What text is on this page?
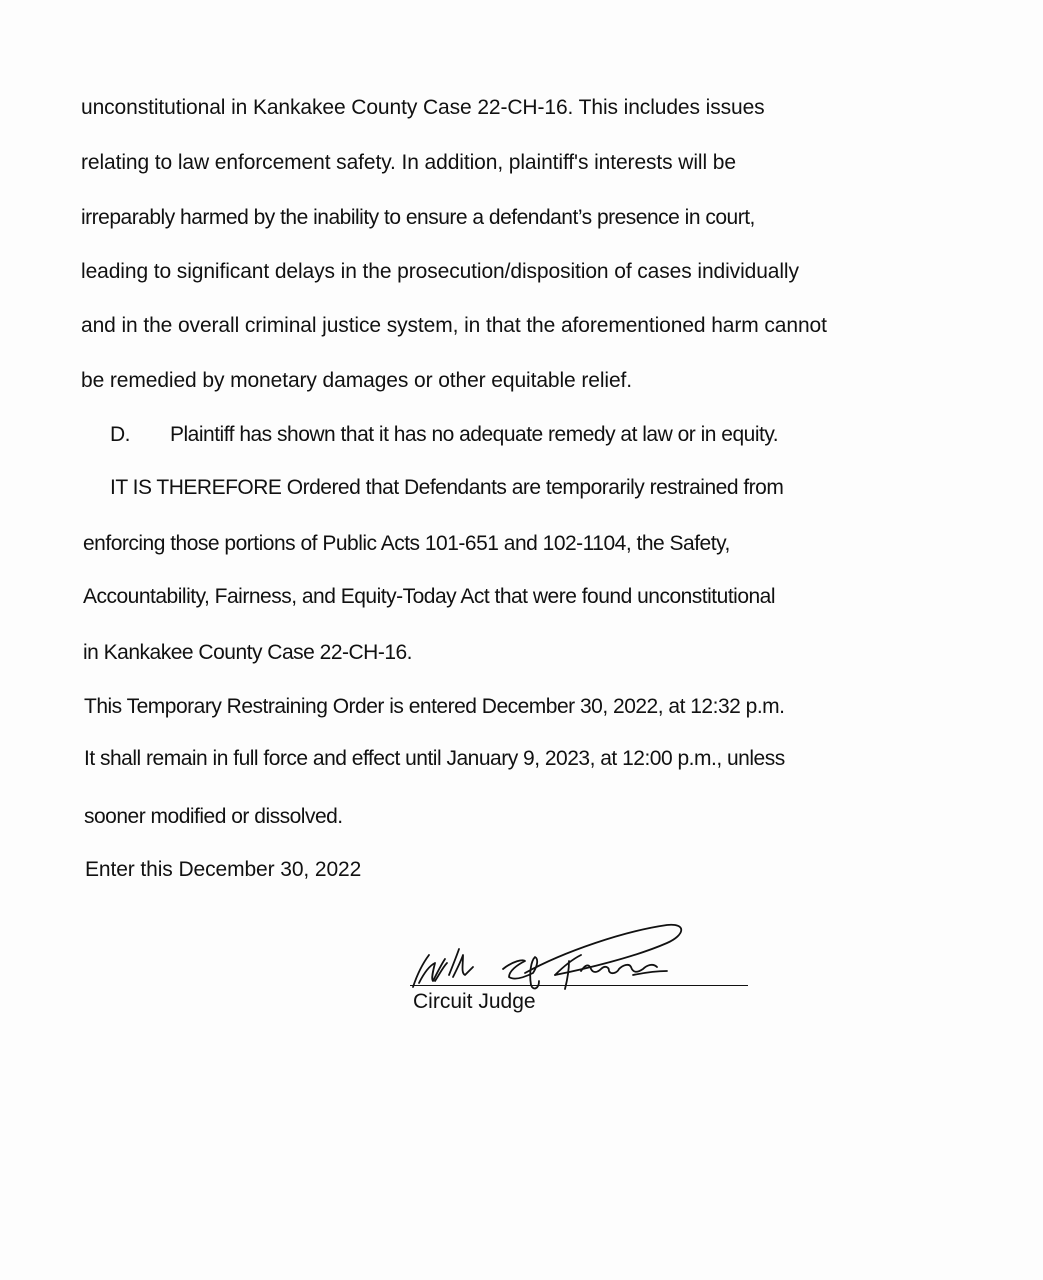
unconstitutional in Kankakee County Case 22-CH-16. This includes issues
relating to law enforcement safety. In addition, plaintiff's interests will be
irreparably harmed by the inability to ensure a defendant’s presence in court,
leading to significant delays in the prosecution/disposition of cases individually
and in the overall criminal justice system, in that the aforementioned harm cannot
be remedied by monetary damages or other equitable relief.
D. Plaintiff has shown that it has no adequate remedy at law or in equity.
IT IS THEREFORE Ordered that Defendants are temporarily restrained from
enforcing those portions of Public Acts 101-651 and 102-1104, the Safety,
Accountability, Fairness, and Equity-Today Act that were found unconstitutional
in Kankakee County Case 22-CH-16.
This Temporary Restraining Order is entered December 30, 2022, at 12:32 p.m.
It shall remain in full force and effect until January 9, 2023, at 12:00 p.m., unless
sooner modified or dissolved.
Enter this December 30, 2022
Circuit Judge
